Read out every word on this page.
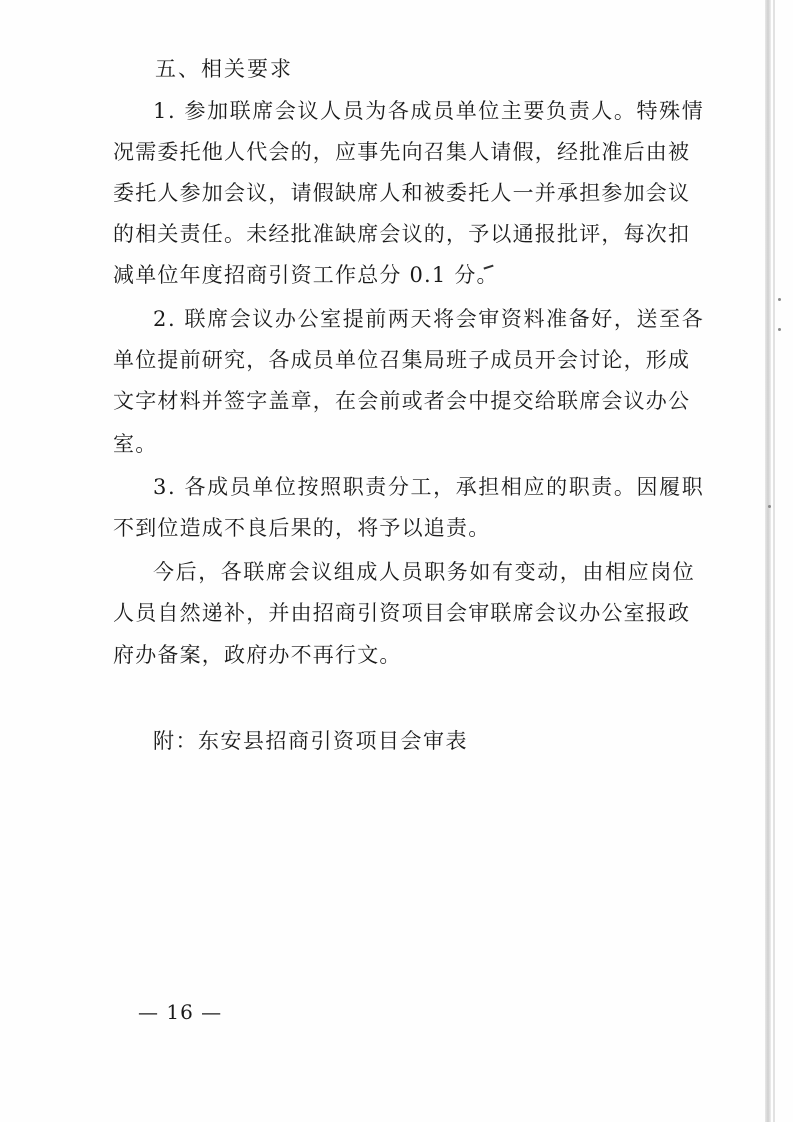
五、相关要求
1. 参加联席会议人员为各成员单位主要负责人。特殊情
况需委托他人代会的，应事先向召集人请假，经批准后由被
委托人参加会议，请假缺席人和被委托人一并承担参加会议
的相关责任。未经批准缺席会议的，予以通报批评，每次扣
减单位年度招商引资工作总分 0.1 分。
2. 联席会议办公室提前两天将会审资料准备好，送至各
单位提前研究，各成员单位召集局班子成员开会讨论，形成
文字材料并签字盖章，在会前或者会中提交给联席会议办公
室。
3. 各成员单位按照职责分工，承担相应的职责。因履职
不到位造成不良后果的，将予以追责。
今后，各联席会议组成人员职务如有变动，由相应岗位
人员自然递补，并由招商引资项目会审联席会议办公室报政
府办备案，政府办不再行文。
附：东安县招商引资项目会审表
— 16 —
